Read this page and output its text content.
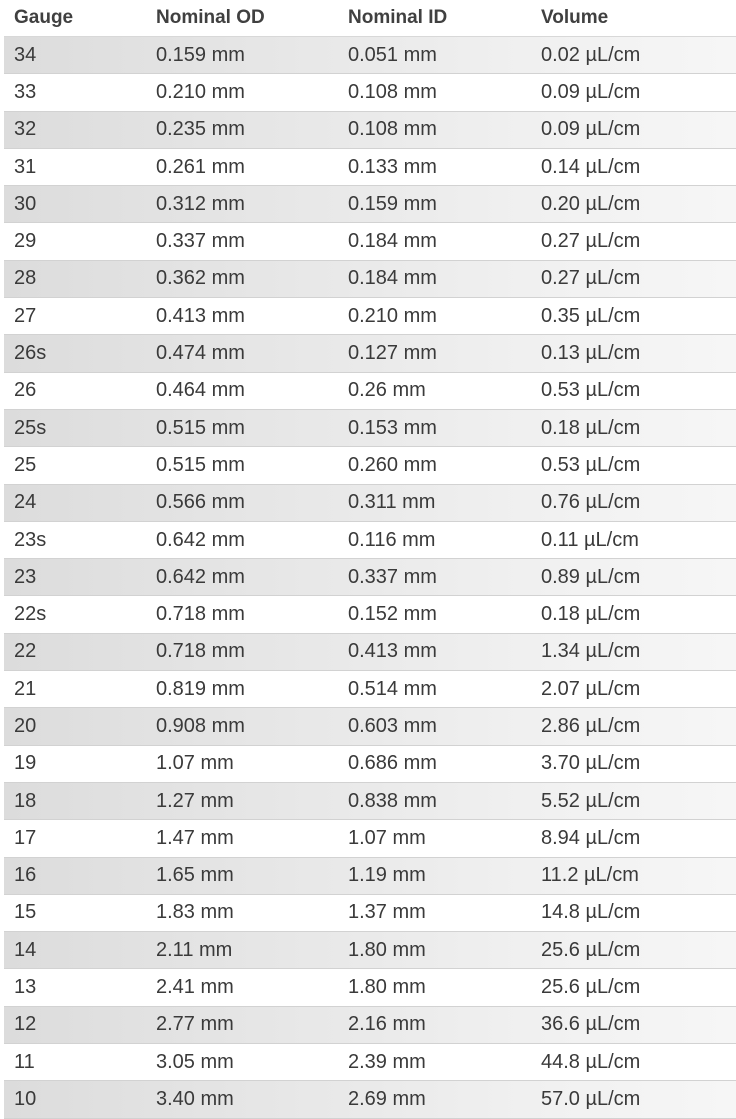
Gauge	Nominal OD	Nominal ID	Volume
34	0.159 mm	0.051 mm	0.02 µL/cm
33	0.210 mm	0.108 mm	0.09 µL/cm
32	0.235 mm	0.108 mm	0.09 µL/cm
31	0.261 mm	0.133 mm	0.14 µL/cm
30	0.312 mm	0.159 mm	0.20 µL/cm
29	0.337 mm	0.184 mm	0.27 µL/cm
28	0.362 mm	0.184 mm	0.27 µL/cm
27	0.413 mm	0.210 mm	0.35 µL/cm
26s	0.474 mm	0.127 mm	0.13 µL/cm
26	0.464 mm	0.26 mm	0.53 µL/cm
25s	0.515 mm	0.153 mm	0.18 µL/cm
25	0.515 mm	0.260 mm	0.53 µL/cm
24	0.566 mm	0.311 mm	0.76 µL/cm
23s	0.642 mm	0.116 mm	0.11 µL/cm
23	0.642 mm	0.337 mm	0.89 µL/cm
22s	0.718 mm	0.152 mm	0.18 µL/cm
22	0.718 mm	0.413 mm	1.34 µL/cm
21	0.819 mm	0.514 mm	2.07 µL/cm
20	0.908 mm	0.603 mm	2.86 µL/cm
19	1.07 mm	0.686 mm	3.70 µL/cm
18	1.27 mm	0.838 mm	5.52 µL/cm
17	1.47 mm	1.07 mm	8.94 µL/cm
16	1.65 mm	1.19 mm	11.2 µL/cm
15	1.83 mm	1.37 mm	14.8 µL/cm
14	2.11 mm	1.80 mm	25.6 µL/cm
13	2.41 mm	1.80 mm	25.6 µL/cm
12	2.77 mm	2.16 mm	36.6 µL/cm
11	3.05 mm	2.39 mm	44.8 µL/cm
10	3.40 mm	2.69 mm	57.0 µL/cm
